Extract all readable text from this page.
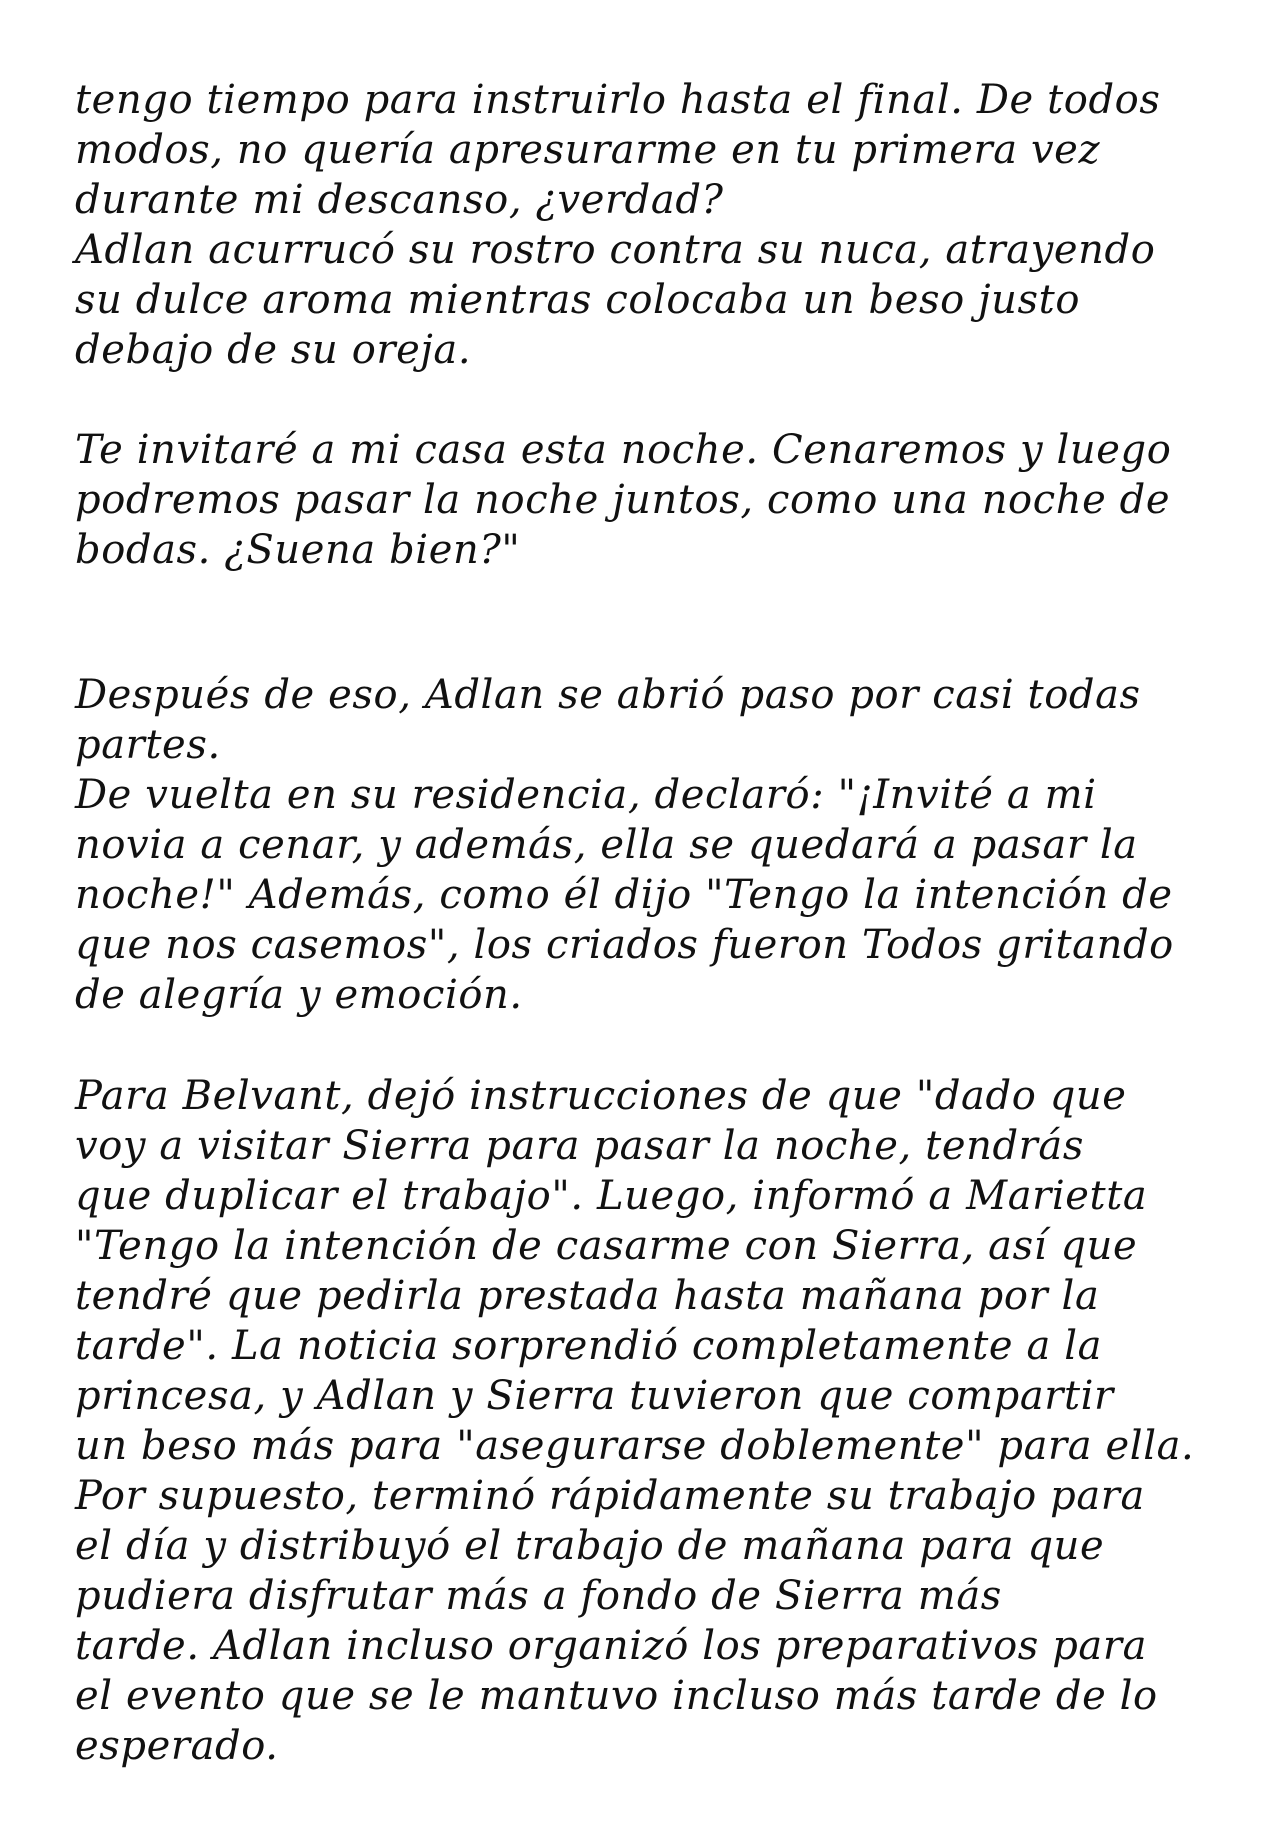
tengo tiempo para instruirlo hasta el final. De todos

modos, no quería apresurarme en tu primera vez

durante mi descanso, ¿verdad?

Adlan acurrucó su rostro contra su nuca, atrayendo

su dulce aroma mientras colocaba un beso justo

debajo de su oreja.

Te invitaré a mi casa esta noche. Cenaremos y luego

podremos pasar la noche juntos, como una noche de

bodas. ¿Suena bien?"

Después de eso, Adlan se abrió paso por casi todas

partes.

De vuelta en su residencia, declaró: "¡Invité a mi

novia a cenar, y además, ella se quedará a pasar la

noche!" Además, como él dijo "Tengo la intención de

que nos casemos", los criados fueron Todos gritando

de alegría y emoción.

Para Belvant, dejó instrucciones de que "dado que

voy a visitar Sierra para pasar la noche, tendrás

que duplicar el trabajo". Luego, informó a Marietta

"Tengo la intención de casarme con Sierra, así que

tendré que pedirla prestada hasta mañana por la

tarde". La noticia sorprendió completamente a la

princesa, y Adlan y Sierra tuvieron que compartir

un beso más para "asegurarse doblemente" para ella.

Por supuesto, terminó rápidamente su trabajo para

el día y distribuyó el trabajo de mañana para que

pudiera disfrutar más a fondo de Sierra más

tarde. Adlan incluso organizó los preparativos para

el evento que se le mantuvo incluso más tarde de lo

esperado.
